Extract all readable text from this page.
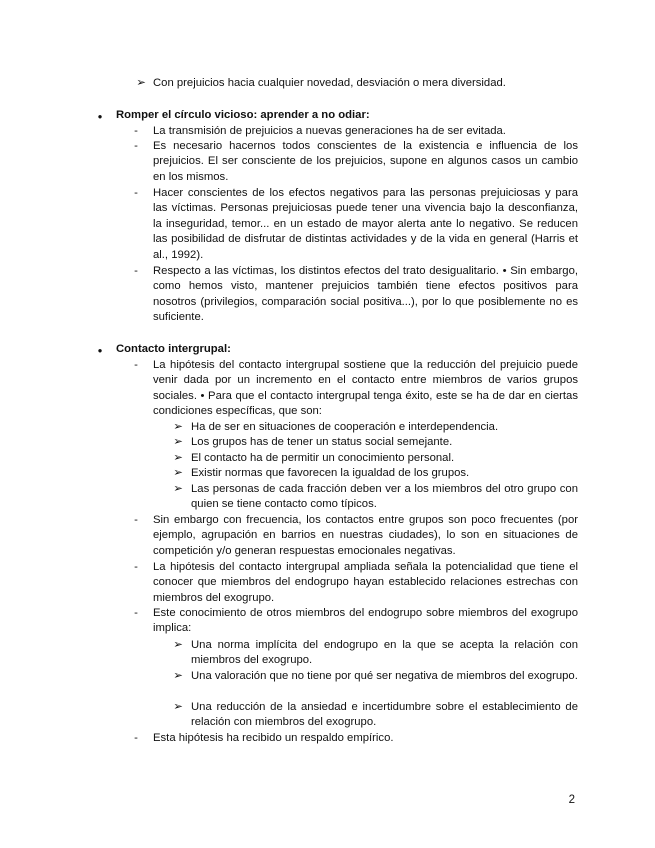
➢ Con prejuicios hacia cualquier novedad, desviación o mera diversidad.
●	Romper el círculo vicioso: aprender a no odiar:
-	La transmisión de prejuicios a nuevas generaciones ha de ser evitada.
-	Es necesario hacernos todos conscientes de la existencia e influencia de los prejuicios. El ser consciente de los prejuicios, supone en algunos casos un cambio en los mismos.
-	Hacer conscientes de los efectos negativos para las personas prejuiciosas y para las víctimas. Personas prejuiciosas puede tener una vivencia bajo la desconfianza, la inseguridad, temor... en un estado de mayor alerta ante lo negativo. Se reducen las posibilidad de disfrutar de distintas actividades y de la vida en general (Harris et al., 1992).
-	Respecto a las víctimas, los distintos efectos del trato desigualitario. • Sin embargo, como hemos visto, mantener prejuicios también tiene efectos positivos para nosotros (privilegios, comparación social positiva...), por lo que posiblemente no es suficiente.
●	Contacto intergrupal:
-	La hipótesis del contacto intergrupal sostiene que la reducción del prejuicio puede venir dada por un incremento en el contacto entre miembros de varios grupos sociales. • Para que el contacto intergrupal tenga éxito, este se ha de dar en ciertas condiciones específicas, que son:
➢ Ha de ser en situaciones de cooperación e interdependencia.
➢ Los grupos has de tener un status social semejante.
➢ El contacto ha de permitir un conocimiento personal.
➢ Existir normas que favorecen la igualdad de los grupos.
➢ Las personas de cada fracción deben ver a los miembros del otro grupo con quien se tiene contacto como típicos.
-	Sin embargo con frecuencia, los contactos entre grupos son poco frecuentes (por ejemplo, agrupación en barrios en nuestras ciudades), lo son en situaciones de competición y/o generan respuestas emocionales negativas.
-	La hipótesis del contacto intergrupal ampliada señala la potencialidad que tiene el conocer que miembros del endogrupo hayan establecido relaciones estrechas con miembros del exogrupo.
-	Este conocimiento de otros miembros del endogrupo sobre miembros del exogrupo implica:
➢ Una norma implícita del endogrupo en la que se acepta la relación con miembros del exogrupo.
➢ Una valoración que no tiene por qué ser negativa de miembros del exogrupo.
➢ Una reducción de la ansiedad e incertidumbre sobre el establecimiento de relación con miembros del exogrupo.
-	Esta hipótesis ha recibido un respaldo empírico.
2
